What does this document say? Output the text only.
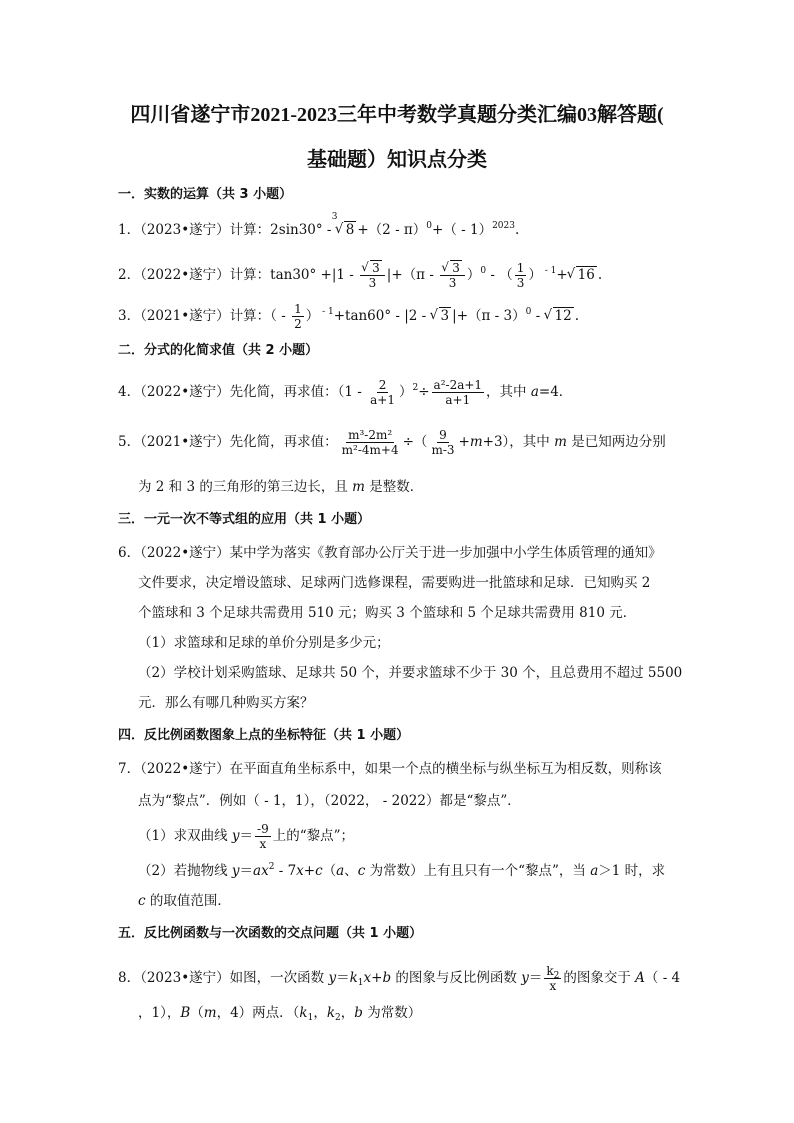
四川省遂宁市2021-2023三年中考数学真题分类汇编03解答题(
基础题）知识点分类
一．实数的运算（共 3 小题）
1．（2023•遂宁）计算：2sin30° -
√ 3
8 +（2 - π）$^0$+（ - 1）$^{2023}$.
2．（2022•遂宁）计算：tan30° +|1 - √ $\frac{3}{3} |+(\pi$ - √ $\frac{3}{3} )^0$ - （ $\frac{1}{3}$ ） $^{- 1}$+ √ 16 .
3．（2021•遂宁）计算：（ - $\frac{1}{2}$ ） $^{- 1}$+tan60° - |2 - √ 3 |+（π - 3）$^0$ - √ 12 .
二．分式的化简求值（共 2 小题）
4．（2022•遂宁）先化简，再求值：$(1 - \frac{2}{a+1} )^2\div \frac{\text{a²-2a+1}}{a+1}$ ，其中 a=4．
5．（2021•遂宁）先化简，再求值： $\frac{\text{m³-2m²}}{\text{m²-4m+4}}$ ÷（ $\frac{9}{m-3} +m+3$），其中 m 是已知两边分别
为 2 和 3 的三角形的第三边长，且 m 是整数．
三．一元一次不等式组的应用（共 1 小题）
6．（2022•遂宁）某中学为落实《教育部办公厅关于进一步加强中小学生体质管理的通知》
文件要求，决定增设篮球、足球两门选修课程，需要购进一批篮球和足球．已知购买 2
个篮球和 3 个足球共需费用 510 元；购买 3 个篮球和 5 个足球共需费用 810 元．
（1）求篮球和足球的单价分别是多少元；
（2）学校计划采购篮球、足球共 50 个，并要求篮球不少于 30 个，且总费用不超过 5500
元．那么有哪几种购买方案？
四．反比例函数图象上点的坐标特征（共 1 小题）
7．（2022•遂宁）在平面直角坐标系中，如果一个点的横坐标与纵坐标互为相反数，则称该
点为“黎点”．例如（ - 1，1），（2022， - 2022）都是“黎点”．
（1）求双曲线 $y= \frac{-9}{x}$ 上的“黎点”；
（2）若抛物线 $y=ax^2 - 7x+c(a$、c 为常数）上有且只有一个“黎点”，当 a＞1 时，求
c 的取值范围．
五．反比例函数与一次函数的交点问题（共 1 小题）
8．（2023•遂宁）如图，一次函数 $y=k_1x+b$ 的图象与反比例函数 $y= \frac{k_2}{x}$ 的图象交于 A（ - 4
，1），B（m，4）两点．（$k_1$，$k_2$，b 为常数）
